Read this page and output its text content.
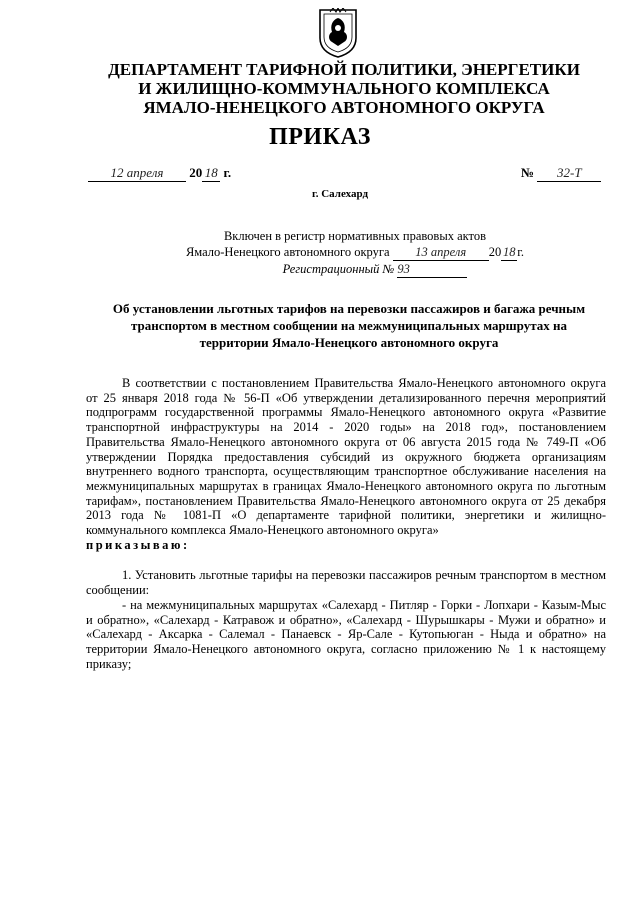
ДЕПАРТАМЕНТ ТАРИФНОЙ ПОЛИТИКИ, ЭНЕРГЕТИКИ
И ЖИЛИЩНО-КОММУНАЛЬНОГО КОМПЛЕКСА
ЯМАЛО-НЕНЕЦКОГО АВТОНОМНОГО ОКРУГА
ПРИКАЗ
12 апреля 20 18 г.	№ 32-Т
г. Салехард
Включен в регистр нормативных правовых актов
Ямало-Ненецкого автономного округа 13 апреля 20 18 г.
Регистрационный № 93
Об установлении льготных тарифов на перевозки пассажиров и багажа речным транспортом в местном сообщении на межмуниципальных маршрутах на территории Ямало-Ненецкого автономного округа

В соответствии с постановлением Правительства Ямало-Ненецкого автономного округа от 25 января 2018 года № 56-П «Об утверждении детализированного перечня мероприятий подпрограмм государственной программы Ямало-Ненецкого автономного округа «Развитие транспортной инфраструктуры на 2014 - 2020 годы» на 2018 год», постановлением Правительства Ямало-Ненецкого автономного округа от 06 августа 2015 года № 749-П «Об утверждении Порядка предоставления субсидий из окружного бюджета организациям внутреннего водного транспорта, осуществляющим транспортное обслуживание населения на межмуниципальных маршрутах в границах Ямало-Ненецкого автономного округа по льготным тарифам», постановлением Правительства Ямало-Ненецкого автономного округа от 25 декабря 2013 года № 1081-П «О департаменте тарифной политики, энергетики и жилищно-коммунального комплекса Ямало-Ненецкого автономного округа»

приказываю:

1. Установить льготные тарифы на перевозки пассажиров речным транспортом в местном сообщении:

- на межмуниципальных маршрутах «Салехард - Питляр - Горки - Лопхари - Казым-Мыс и обратно», «Салехард - Катравож и обратно», «Салехард - Шурышкары - Мужи и обратно» и «Салехард - Аксарка - Салемал - Панаевск - Яр-Сале - Кутопьюган - Ныда и обратно» на территории Ямало-Ненецкого автономного округа, согласно приложению № 1 к настоящему приказу;
